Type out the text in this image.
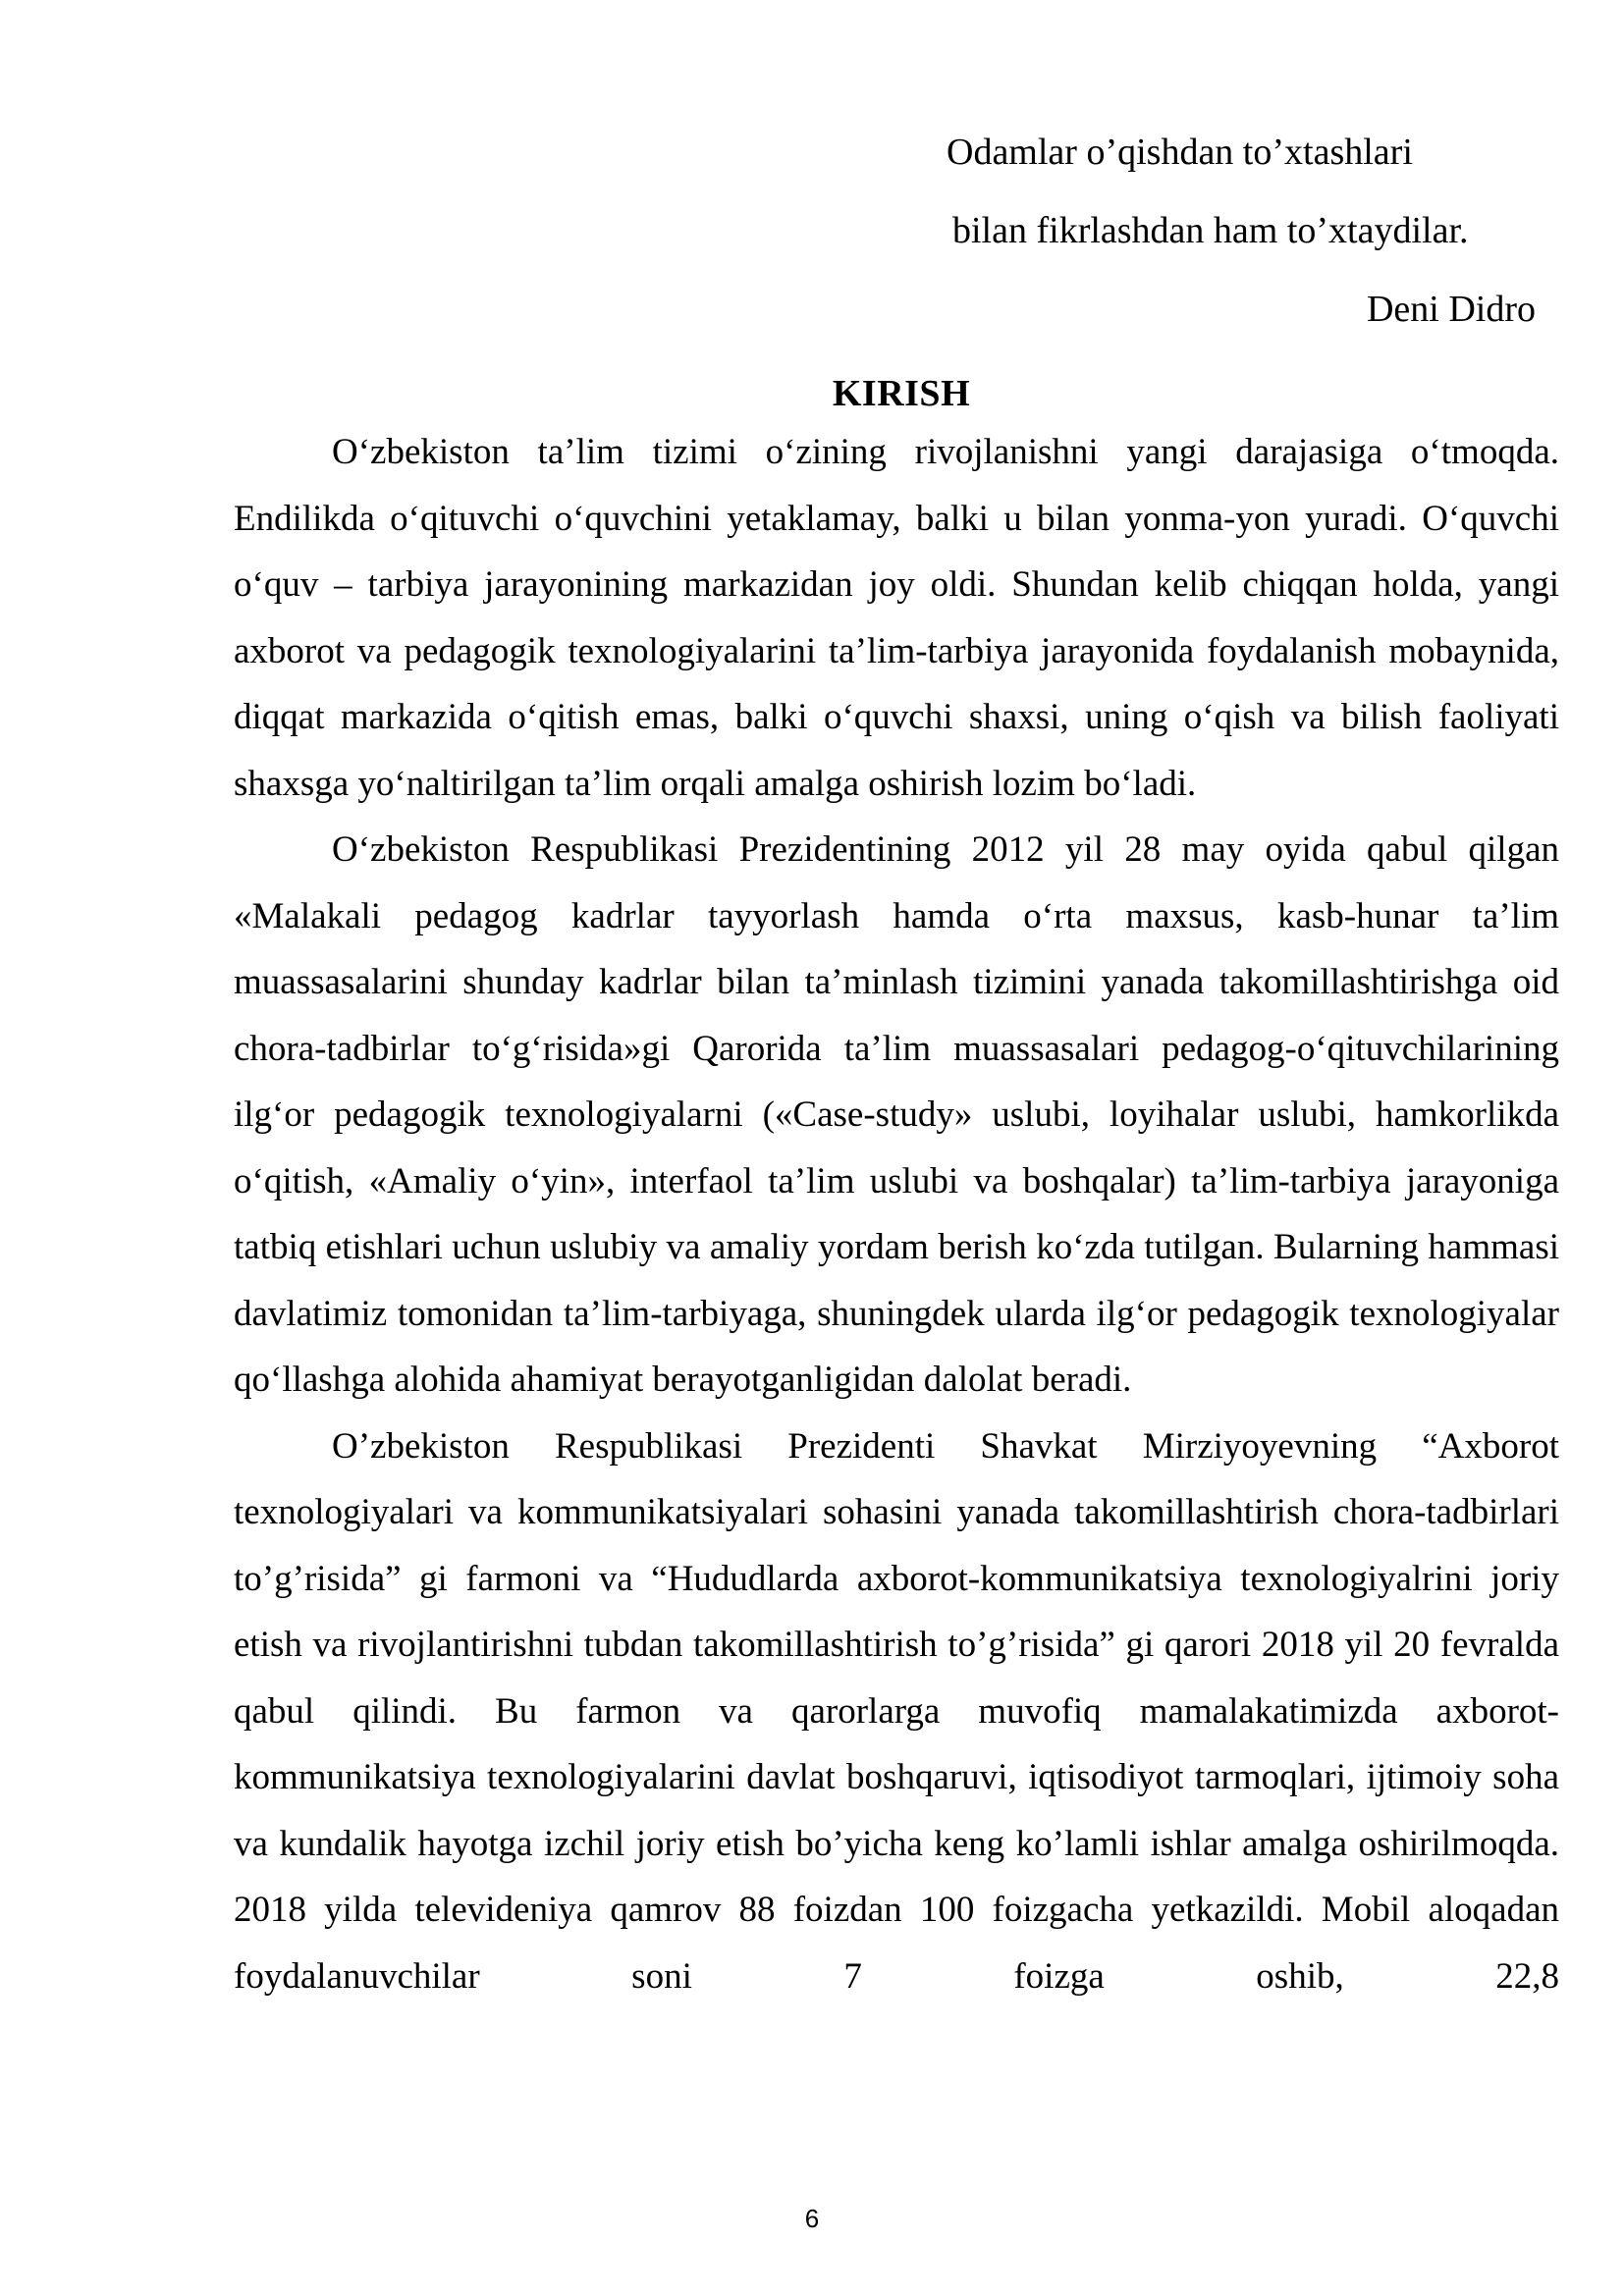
Odamlar o’qishdan to’xtashlari
bilan fikrlashdan ham to’xtaydilar.
Deni Didro
KIRISH

O‘zbekiston ta’lim tizimi o‘zining rivojlanishni yangi darajasiga o‘tmoqda. Endilikda o‘qituvchi o‘quvchini yetaklamay, balki u bilan yonma-yon yuradi. O‘quvchi o‘quv – tarbiya jarayonining markazidan joy oldi. Shundan kelib chiqqan holda, yangi axborot va pedagogik texnologiyalarini ta’lim-tarbiya jarayonida foydalanish mobaynida, diqqat markazida o‘qitish emas, balki o‘quvchi shaxsi, uning o‘qish va bilish faoliyati shaxsga yo‘naltirilgan ta’lim orqali amalga oshirish lozim bo‘ladi.

O‘zbekiston Respublikasi Prezidentining 2012 yil 28 may oyida qabul qilgan «Malakali pedagog kadrlar tayyorlash hamda o‘rta maxsus, kasb-hunar ta’lim muassasalarini shunday kadrlar bilan ta’minlash tizimini yanada takomillashtirishga oid chora-tadbirlar to‘g‘risida»gi Qarorida ta’lim muassasalari pedagog-o‘qituvchilarining ilg‘or pedagogik texnologiyalarni («Case-study» uslubi, loyihalar uslubi, hamkorlikda o‘qitish, «Amaliy o‘yin», interfaol ta’lim uslubi va boshqalar) ta’lim-tarbiya jarayoniga tatbiq etishlari uchun uslubiy va amaliy yordam berish ko‘zda tutilgan. Bularning hammasi davlatimiz tomonidan ta’lim-tarbiyaga, shuningdek ularda ilg‘or pedagogik texnologiyalar qo‘llashga alohida ahamiyat berayotganligidan dalolat beradi.

O’zbekiston Respublikasi Prezidenti Shavkat Mirziyoyevning “Axborot texnologiyalari va kommunikatsiyalari sohasini yanada takomillashtirish chora-tadbirlari to’g’risida” gi farmoni va “Hududlarda axborot-kommunikatsiya texnologiyalrini joriy etish va rivojlantirishni tubdan takomillashtirish to’g’risida” gi qarori 2018 yil 20 fevralda qabul qilindi. Bu farmon va qarorlarga muvofiq mamalakatimizda axborot-kommunikatsiya texnologiyalarini davlat boshqaruvi, iqtisodiyot tarmoqlari, ijtimoiy soha va kundalik hayotga izchil joriy etish bo’yicha keng ko’lamli ishlar amalga oshirilmoqda. 2018 yilda televideniya qamrov 88 foizdan 100 foizgacha yetkazildi. Mobil aloqadan foydalanuvchilar soni 7 foizga oshib, 22,8

6
